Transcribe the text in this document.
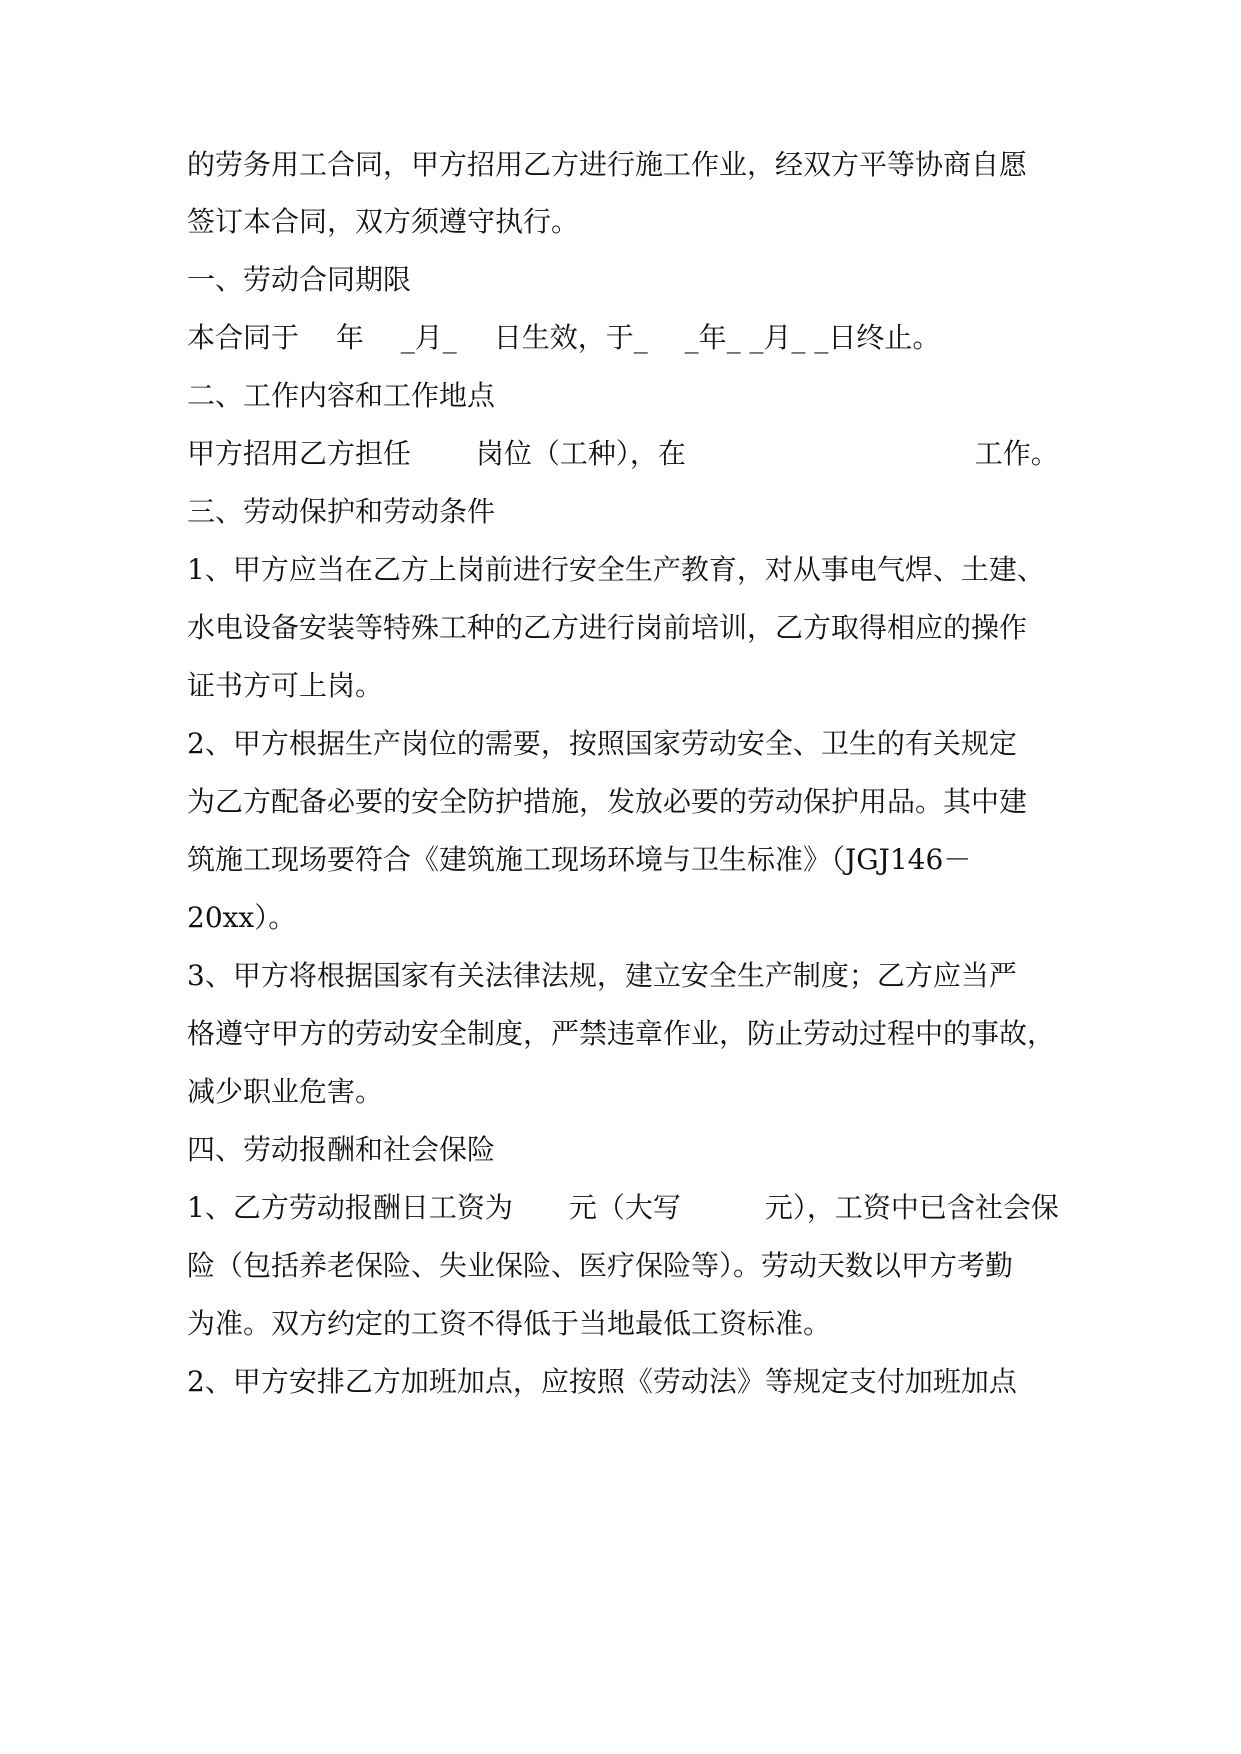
的劳务用工合同，甲方招用乙方进行施工作业，经双方平等协商自愿
签订本合同，双方须遵守执行。
一、劳动合同期限
本合同于　 年　 _月_　 日生效，于_　 _年_ _月_ _日终止。
二、工作内容和工作地点
甲方招用乙方担任　　 岗位（工种），在　　　　　　　　　　 工作。
三、劳动保护和劳动条件
1、甲方应当在乙方上岗前进行安全生产教育，对从事电气焊、土建、
水电设备安装等特殊工种的乙方进行岗前培训，乙方取得相应的操作
证书方可上岗。
2、甲方根据生产岗位的需要，按照国家劳动安全、卫生的有关规定
为乙方配备必要的安全防护措施，发放必要的劳动保护用品。其中建
筑施工现场要符合《建筑施工现场环境与卫生标准》（JGJ146－
20xx）。
3、甲方将根据国家有关法律法规，建立安全生产制度；乙方应当严
格遵守甲方的劳动安全制度，严禁违章作业，防止劳动过程中的事故，
减少职业危害。
四、劳动报酬和社会保险
1、乙方劳动报酬日工资为　　元（大写　　　元），工资中已含社会保
险（包括养老保险、失业保险、医疗保险等）。劳动天数以甲方考勤
为准。双方约定的工资不得低于当地最低工资标准。
2、甲方安排乙方加班加点，应按照《劳动法》等规定支付加班加点
